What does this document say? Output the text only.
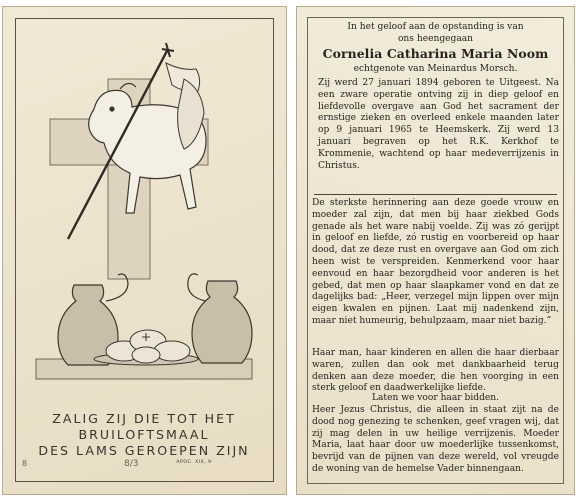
ZALIG ZIJ DIE TOT HET
BRUILOFTSMAAL
DES LAMS GEROEPEN ZIJN
APOC. XIX, 9
8	8/3
In het geloof aan de opstanding is van
ons heengegaan
Cornelia Catharina Maria Noom
echtgenote van Meinardus Morsch.
Zij werd 27 januari 1894 geboren te Uitgeest. Na een zware operatie ontving zij in diep geloof en liefdevolle overgave aan God het sacrament der ernstige zieken en overleed enkele maanden later op 9 januari 1965 te Heemskerk. Zij werd 13 januari begraven op het R.K. Kerkhof te Krommenie, wachtend op haar medeverrijzenis in Christus.
De sterkste herinnering aan deze goede vrouw en moeder zal zijn, dat men bij haar ziekbed Gods genade als het ware nabij voelde. Zij was zó gerijpt in geloof en liefde, zó rustig en voorbereid op haar dood, dat ze deze rust en overgave aan God om zich heen wist te verspreiden. Kenmerkend voor haar eenvoud en haar bezorgdheid voor anderen is het gebed, dat men op haar slaapkamer vond en dat ze dagelijks bad: „Heer, verzegel mijn lippen over mijn eigen kwalen en pijnen. Laat mij nadenkend zijn, maar niet humeurig, behulpzaam, maar niet bazig.”
Haar man, haar kinderen en allen die haar dierbaar waren, zullen dan ook met dankbaarheid terug denken aan deze moeder, die hen voorging in een sterk geloof en daadwerkelijke liefde.
Laten we voor haar bidden.
Heer Jezus Christus, die alleen in staat zijt na de dood nog genezing te schenken, geef vragen wij, dat zij mag delen in uw heilige verrijzenis. Moeder Maria, laat haar door uw moederlijke tussenkomst, bevrijd van de pijnen van deze wereld, vol vreugde de woning van de hemelse Vader binnengaan.
